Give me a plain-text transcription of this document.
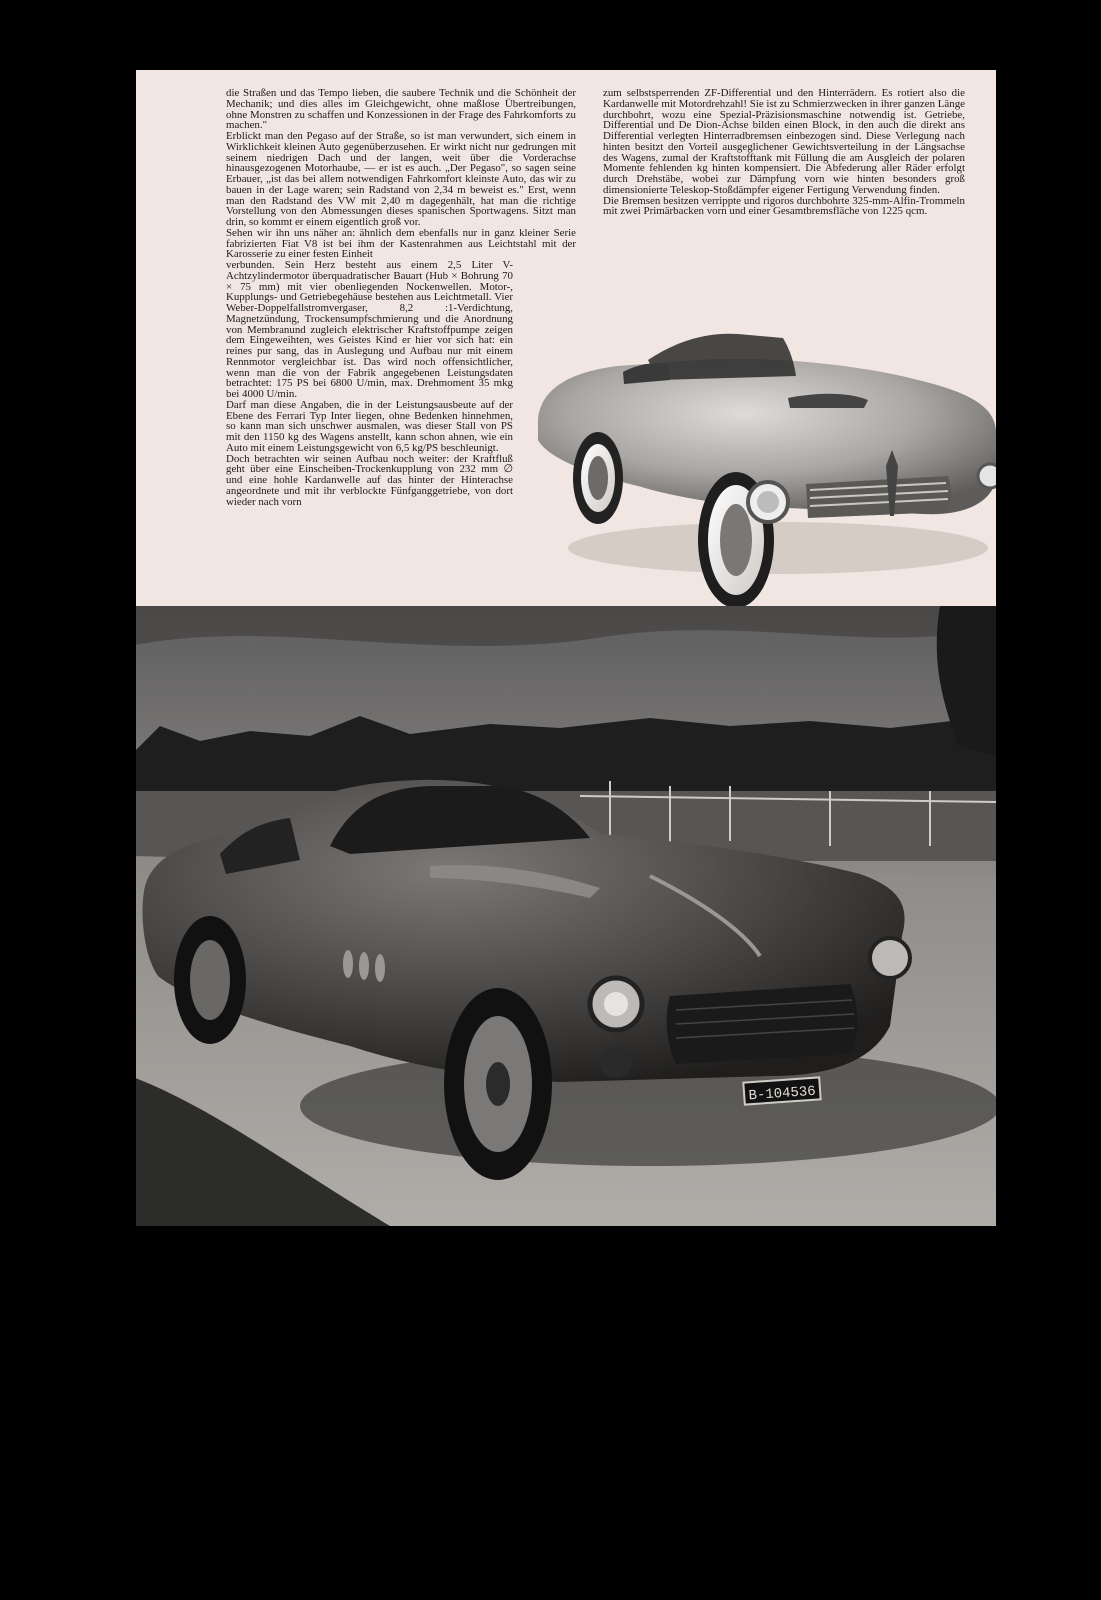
die Straßen und das Tempo lieben, die saubere Technik und die Schönheit der Mechanik; und dies alles im Gleichgewicht, ohne maßlose Übertreibungen, ohne Monstren zu schaffen und Konzessionen in der Frage des Fahrkomforts zu machen."

Erblickt man den Pegaso auf der Straße, so ist man verwundert, sich einem in Wirklichkeit kleinen Auto gegenüberzusehen. Er wirkt nicht nur gedrungen mit seinem niedrigen Dach und der langen, weit über die Vorderachse hinausgezogenen Motorhaube, — er ist es auch. „Der Pegaso", so sagen seine Erbauer, „ist das bei allem notwendigen Fahrkomfort kleinste Auto, das wir zu bauen in der Lage waren; sein Radstand von 2,34 m beweist es." Erst, wenn man den Radstand des VW mit 2,40 m dagegenhält, hat man die richtige Vorstellung von den Abmessungen dieses spanischen Sportwagens. Sitzt man drin, so kommt er einem eigentlich groß vor.

Sehen wir ihn uns näher an: ähnlich dem ebenfalls nur in ganz kleiner Serie fabrizierten Fiat V8 ist bei ihm der Kastenrahmen aus Leichtstahl mit der Karosserie zu einer festen Einheit

verbunden. Sein Herz besteht aus einem 2,5 Liter V-Achtzylindermotor überquadratischer Bauart (Hub × Bohrung 70 × 75 mm) mit vier obenliegenden Nockenwellen. Motor-, Kupplungs- und Getriebegehäuse bestehen aus Leichtmetall. Vier Weber-Doppelfallstromvergaser, 8,2 :1-Verdichtung, Magnetzündung, Trockensumpfschmierung und die Anordnung von Membranund zugleich elektrischer Kraftstoffpumpe zeigen dem Eingeweihten, wes Geistes Kind er hier vor sich hat: ein reines pur sang, das in Auslegung und Aufbau nur mit einem Rennmotor vergleichbar ist. Das wird noch offensichtlicher, wenn man die von der Fabrik angegebenen Leistungsdaten betrachtet: 175 PS bei 6800 U/min, max. Drehmoment 35 mkg bei 4000 U/min.

Darf man diese Angaben, die in der Leistungsausbeute auf der Ebene des Ferrari Typ Inter liegen, ohne Bedenken hinnehmen, so kann man sich unschwer ausmalen, was dieser Stall von PS mit den 1150 kg des Wagens anstellt, kann schon ahnen, wie ein Auto mit einem Leistungsgewicht von 6,5 kg/PS beschleunigt.

Doch betrachten wir seinen Aufbau noch weiter: der Kraftfluß geht über eine Einscheiben-Trockenkupplung von 232 mm ∅ und eine hohle Kardanwelle auf das hinter der Hinterachse angeordnete und mit ihr verblockte Fünfganggetriebe, von dort wieder nach vorn

zum selbstsperrenden ZF-Differential und den Hinterrädern. Es rotiert also die Kardanwelle mit Motordrehzahl! Sie ist zu Schmierzwecken in ihrer ganzen Länge durchbohrt, wozu eine Spezial-Präzisionsmaschine notwendig ist. Getriebe, Differential und De Dion-Achse bilden einen Block, in den auch die direkt ans Differential verlegten Hinterradbremsen einbezogen sind. Diese Verlegung nach hinten besitzt den Vorteil ausgeglichener Gewichtsverteilung in der Längsachse des Wagens, zumal der Kraftstofftank mit Füllung die am Ausgleich der polaren Momente fehlenden kg hinten kompensiert. Die Abfederung aller Räder erfolgt durch Drehstäbe, wobei zur Dämpfung vorn wie hinten besonders groß dimensionierte Teleskop-Stoßdämpfer eigener Fertigung Verwendung finden.

Die Bremsen besitzen verrippte und rigoros durchbohrte 325-mm-Alfin-Trommeln mit zwei Primärbacken vorn und einer Gesamtbremsfläche von 1225 qcm.

B-104536
